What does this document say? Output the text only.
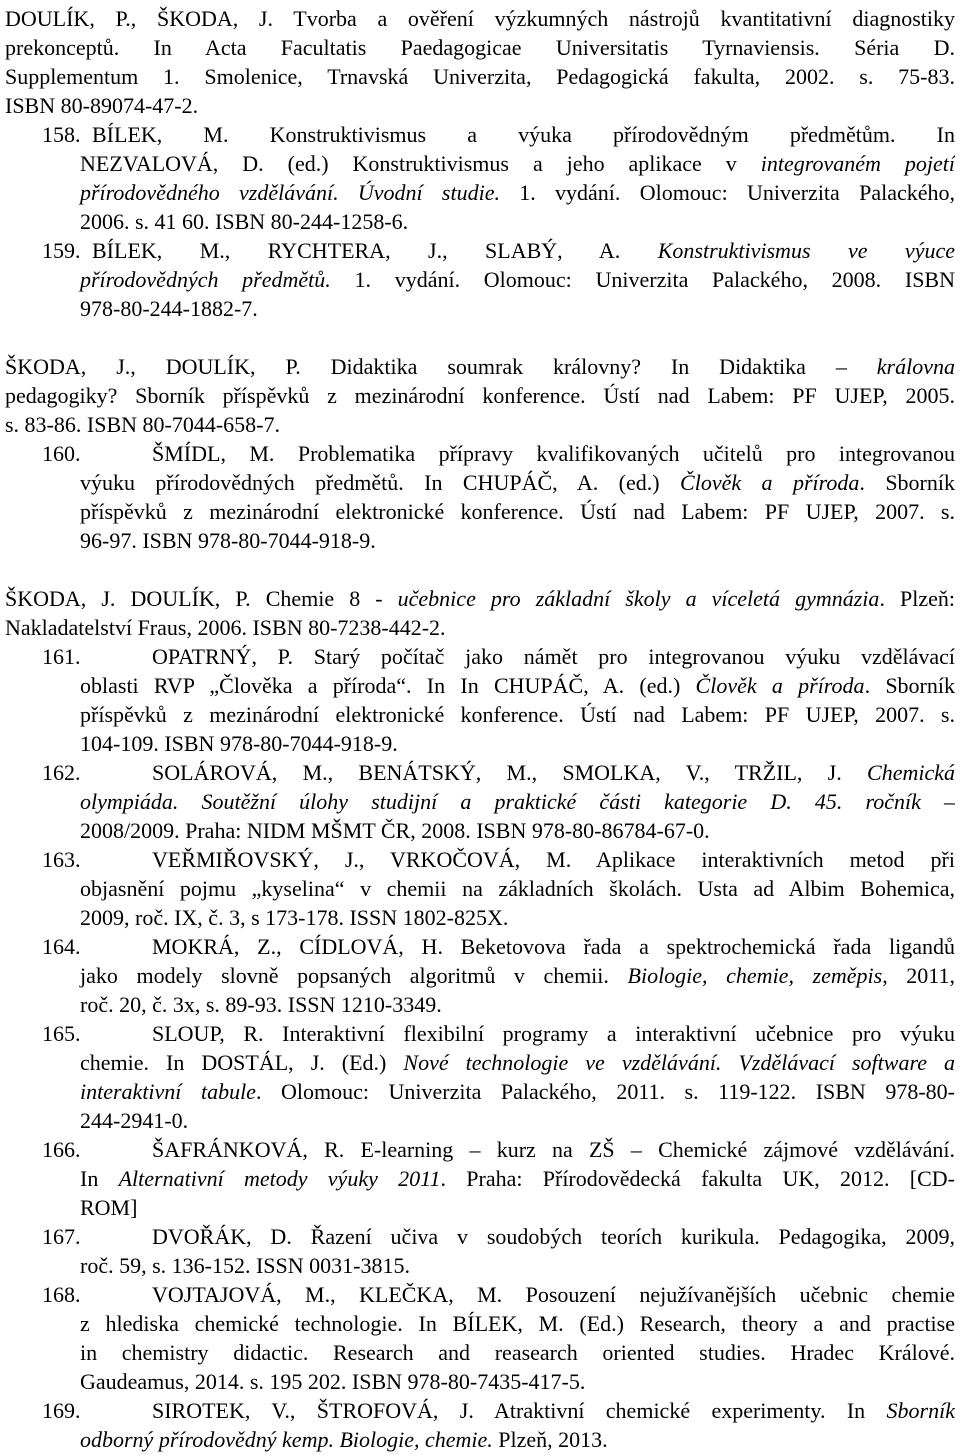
DOULÍK, P., ŠKODA, J. Tvorba a ověření výzkumných nástrojů kvantitativní diagnostiky
prekonceptů. In Acta Facultatis Paedagogicae Universitatis Tyrnaviensis. Séria D.
Supplementum 1. Smolenice, Trnavská Univerzita, Pedagogická fakulta, 2002. s. 75-83.
ISBN 80-89074-47-2.
158. BÍLEK, M. Konstruktivismus a výuka přírodovědným předmětům. In
NEZVALOVÁ, D. (ed.) Konstruktivismus a jeho aplikace v integrovaném pojetí
přírodovědného vzdělávání. Úvodní studie. 1. vydání. Olomouc: Univerzita Palackého,
2006. s. 41 60. ISBN 80-244-1258-6.
159. BÍLEK, M., RYCHTERA, J., SLABÝ, A. Konstruktivismus ve výuce
přírodovědných předmětů. 1. vydání. Olomouc: Univerzita Palackého, 2008. ISBN
978-80-244-1882-7.
ŠKODA, J., DOULÍK, P. Didaktika soumrak královny? In Didaktika – královna
pedagogiky? Sborník příspěvků z mezinárodní konference. Ústí nad Labem: PF UJEP, 2005.
s. 83-86. ISBN 80-7044-658-7.
160.	ŠMÍDL, M. Problematika přípravy kvalifikovaných učitelů pro integrovanou
výuku přírodovědných předmětů. In CHUPÁČ, A. (ed.) Člověk a příroda. Sborník
příspěvků z mezinárodní elektronické konference. Ústí nad Labem: PF UJEP, 2007. s.
96-97. ISBN 978-80-7044-918-9.
ŠKODA, J. DOULÍK, P. Chemie 8 - učebnice pro základní školy a víceletá gymnázia. Plzeň:
Nakladatelství Fraus, 2006. ISBN 80-7238-442-2.
161.	OPATRNÝ, P. Starý počítač jako námět pro integrovanou výuku vzdělávací
oblasti RVP „Člověka a příroda“. In In CHUPÁČ, A. (ed.) Člověk a příroda. Sborník
příspěvků z mezinárodní elektronické konference. Ústí nad Labem: PF UJEP, 2007. s.
104-109. ISBN 978-80-7044-918-9.
162.	SOLÁROVÁ, M., BENÁTSKÝ, M., SMOLKA, V., TRŽIL, J. Chemická
olympiáda. Soutěžní úlohy studijní a praktické části kategorie D. 45. ročník –
2008/2009. Praha: NIDM MŠMT ČR, 2008. ISBN 978-80-86784-67-0.
163.	VEŘMIŘOVSKÝ, J., VRKOČOVÁ, M. Aplikace interaktivních metod při
objasnění pojmu „kyselina“ v chemii na základních školách. Usta ad Albim Bohemica,
2009, roč. IX, č. 3, s 173-178. ISSN 1802-825X.
164.	MOKRÁ, Z., CÍDLOVÁ, H. Beketovova řada a spektrochemická řada ligandů
jako modely slovně popsaných algoritmů v chemii. Biologie, chemie, zeměpis, 2011,
roč. 20, č. 3x, s. 89-93. ISSN 1210-3349.
165.	SLOUP, R. Interaktivní flexibilní programy a interaktivní učebnice pro výuku
chemie. In DOSTÁL, J. (Ed.) Nové technologie ve vzdělávání. Vzdělávací software a
interaktivní tabule. Olomouc: Univerzita Palackého, 2011. s. 119-122. ISBN 978-80-
244-2941-0.
166.	ŠAFRÁNKOVÁ, R. E-learning – kurz na ZŠ – Chemické zájmové vzdělávání.
In Alternativní metody výuky 2011. Praha: Přírodovědecká fakulta UK, 2012. [CD-
ROM]
167.	DVOŘÁK, D. Řazení učiva v soudobých teorích kurikula. Pedagogika, 2009,
roč. 59, s. 136-152. ISSN 0031-3815.
168.	VOJTAJOVÁ, M., KLEČKA, M. Posouzení nejužívanějších učebnic chemie
z hlediska chemické technologie. In BÍLEK, M. (Ed.) Research, theory a and practise
in chemistry didactic. Research and reasearch oriented studies. Hradec Králové.
Gaudeamus, 2014. s. 195 202. ISBN 978-80-7435-417-5.
169.	SIROTEK, V., ŠTROFOVÁ, J. Atraktivní chemické experimenty. In Sborník
odborný přírodovědný kemp. Biologie, chemie. Plzeň, 2013.
